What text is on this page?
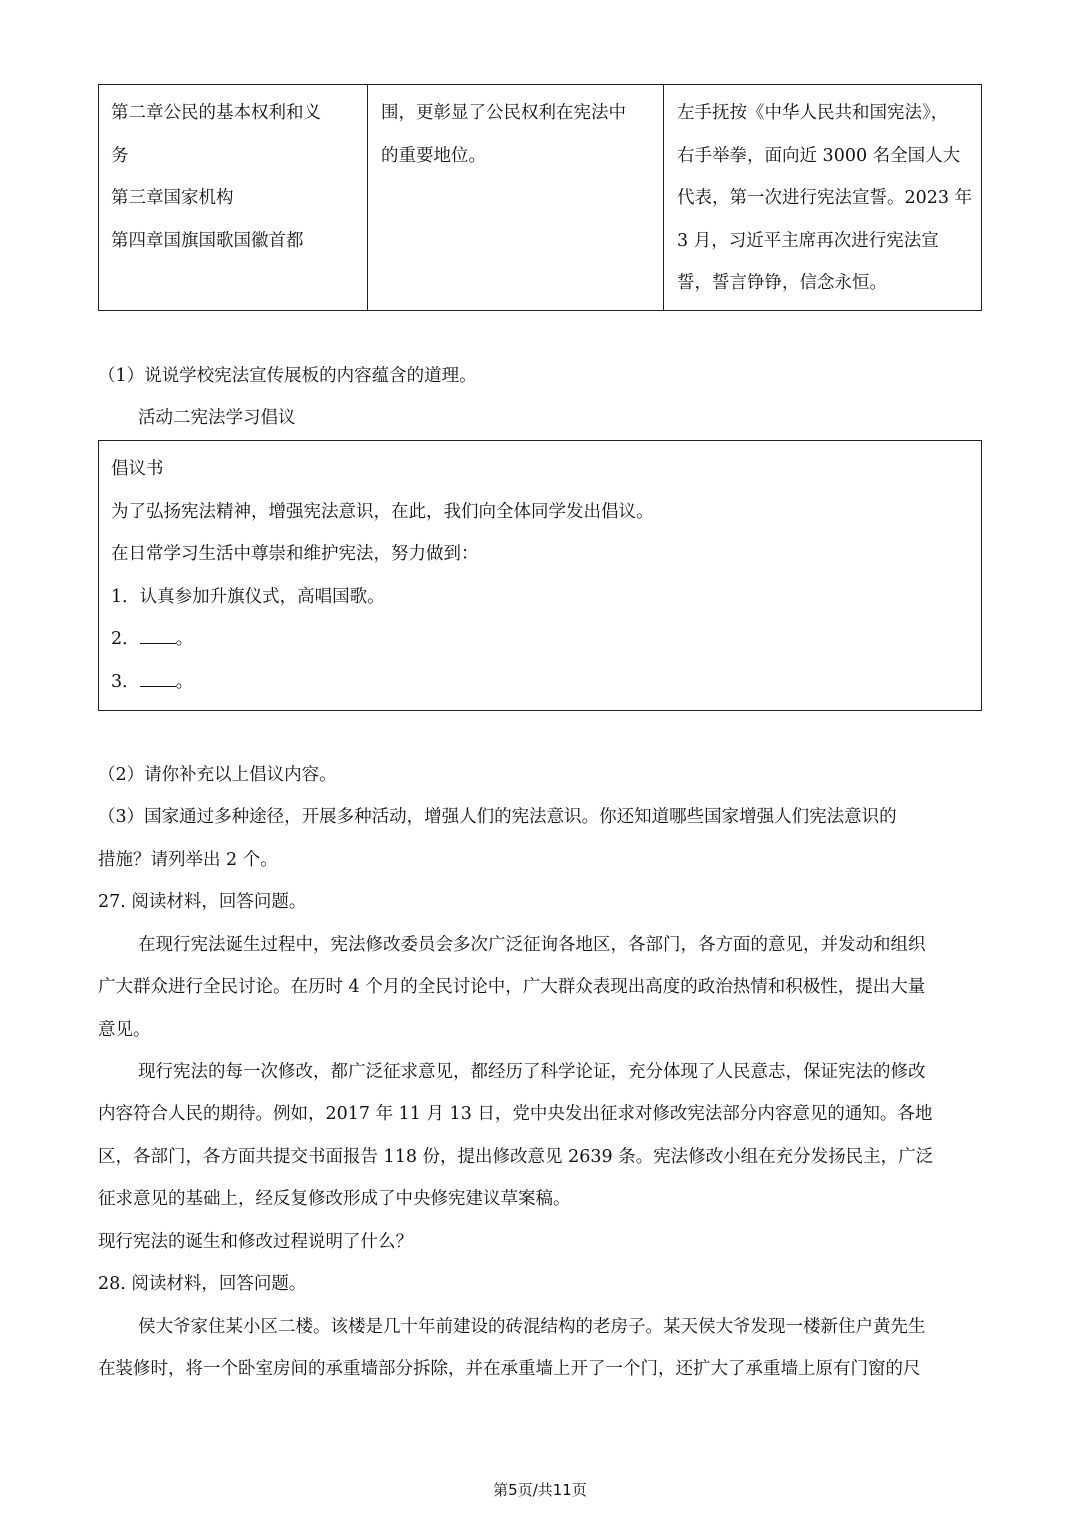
第二章公民的基本权利和义
务
第三章国家机构
第四章国旗国歌国徽首都
围，更彰显了公民权利在宪法中
的重要地位。
左手抚按《中华人民共和国宪法》，
右手举拳，面向近 3000 名全国人大
代表，第一次进行宪法宣誓。2023 年
3 月，习近平主席再次进行宪法宣
誓，誓言铮铮，信念永恒。
（1）说说学校宪法宣传展板的内容蕴含的道理。
活动二宪法学习倡议
倡议书
为了弘扬宪法精神，增强宪法意识，在此，我们向全体同学发出倡议。
在日常学习生活中尊崇和维护宪法，努力做到：
1．认真参加升旗仪式，高唱国歌。
2． 。
3． 。
（2）请你补充以上倡议内容。
（3）国家通过多种途径，开展多种活动，增强人们的宪法意识。你还知道哪些国家增强人们宪法意识的
措施？请列举出 2 个。
27. 阅读材料，回答问题。
在现行宪法诞生过程中，宪法修改委员会多次广泛征询各地区，各部门，各方面的意见，并发动和组织
广大群众进行全民讨论。在历时 4 个月的全民讨论中，广大群众表现出高度的政治热情和积极性，提出大量
意见。
现行宪法的每一次修改，都广泛征求意见，都经历了科学论证，充分体现了人民意志，保证宪法的修改
内容符合人民的期待。例如，2017 年 11 月 13 日，党中央发出征求对修改宪法部分内容意见的通知。各地
区，各部门，各方面共提交书面报告 118 份，提出修改意见 2639 条。宪法修改小组在充分发扬民主，广泛
征求意见的基础上，经反复修改形成了中央修宪建议草案稿。
现行宪法的诞生和修改过程说明了什么？
28. 阅读材料，回答问题。
侯大爷家住某小区二楼。该楼是几十年前建设的砖混结构的老房子。某天侯大爷发现一楼新住户黄先生
在装修时，将一个卧室房间的承重墙部分拆除，并在承重墙上开了一个门，还扩大了承重墙上原有门窗的尺
第5页/共11页
